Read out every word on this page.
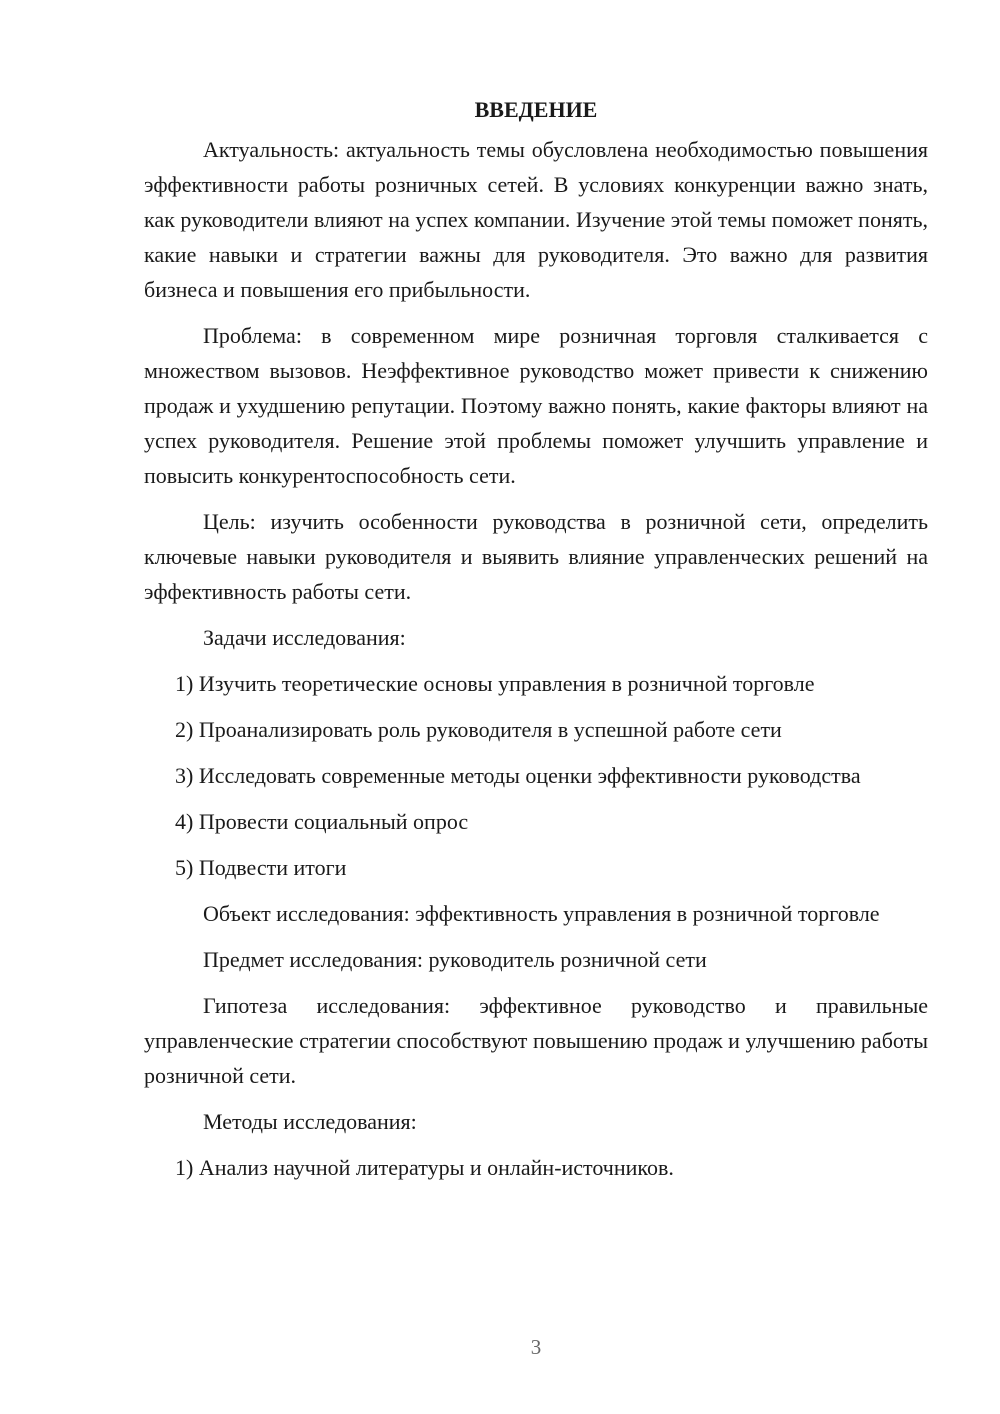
ВВЕДЕНИЕ

Актуальность: актуальность темы обусловлена необходимостью повышения эффективности работы розничных сетей. В условиях конкуренции важно знать, как руководители влияют на успех компании. Изучение этой темы поможет понять, какие навыки и стратегии важны для руководителя. Это важно для развития бизнеса и повышения его прибыльности.

Проблема: в современном мире розничная торговля сталкивается с множеством вызовов. Неэффективное руководство может привести к снижению продаж и ухудшению репутации. Поэтому важно понять, какие факторы влияют на успех руководителя. Решение этой проблемы поможет улучшить управление и повысить конкурентоспособность сети.

Цель: изучить особенности руководства в розничной сети, определить ключевые навыки руководителя и выявить влияние управленческих решений на эффективность работы сети.

Задачи исследования:

1) Изучить теоретические основы управления в розничной торговле

2) Проанализировать роль руководителя в успешной работе сети

3) Исследовать современные методы оценки эффективности руководства

4) Провести социальный опрос

5) Подвести итоги

Объект исследования: эффективность управления в розничной торговле

Предмет исследования: руководитель розничной сети

Гипотеза исследования: эффективное руководство и правильные управленческие стратегии способствуют повышению продаж и улучшению работы розничной сети.

Методы исследования:

1) Анализ научной литературы и онлайн-источников.

3
